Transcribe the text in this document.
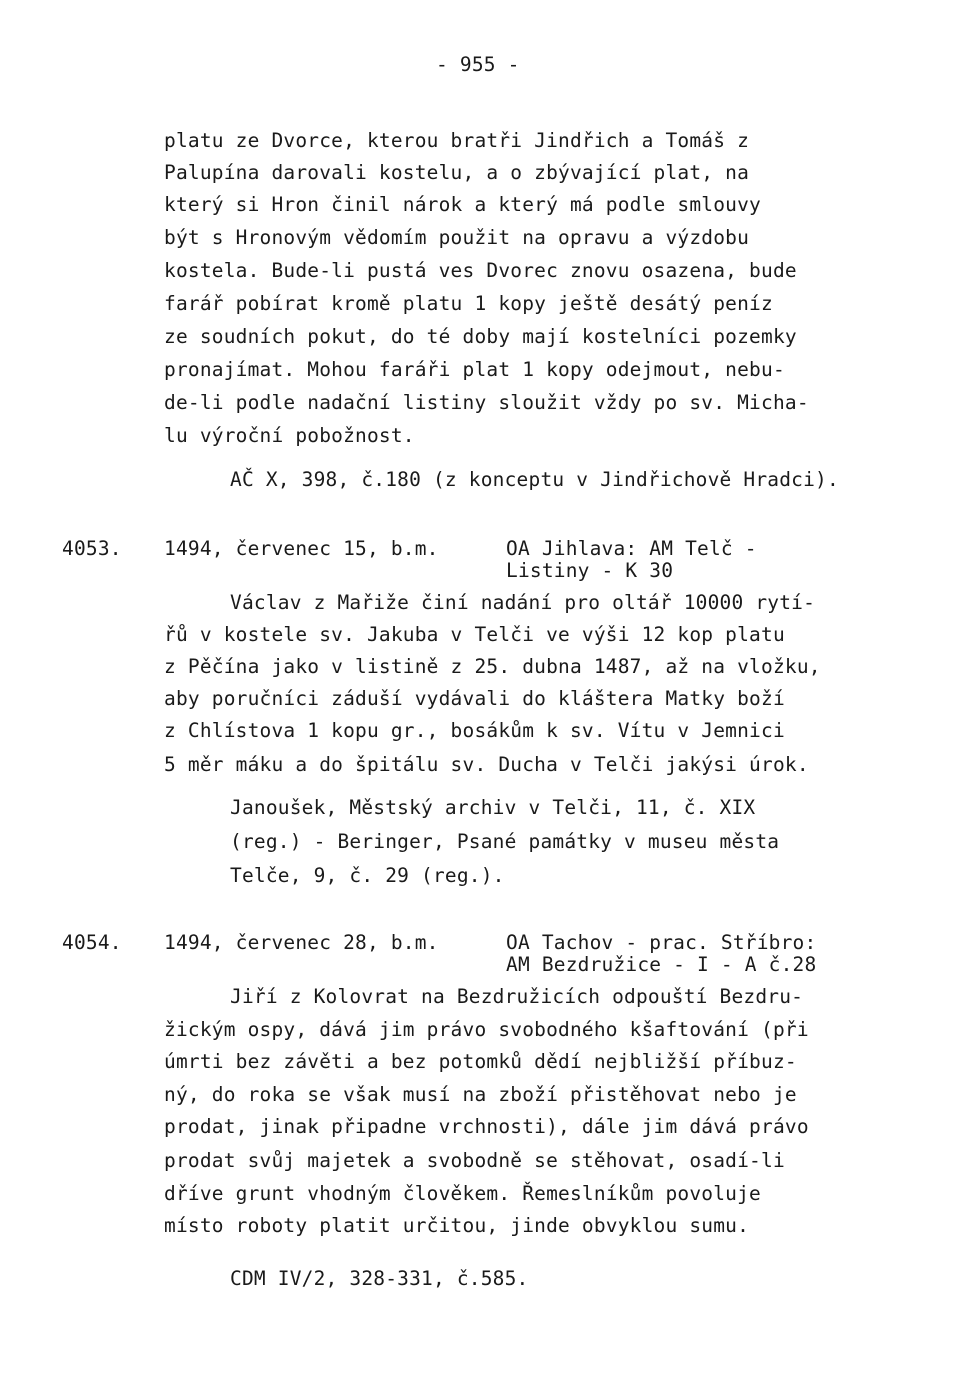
- 955 -
platu ze Dvorce, kterou bratři Jindřich a Tomáš z
Palupína darovali kostelu, a o zbývající plat, na
který si Hron činil nárok a který má podle smlouvy
být s Hronovým vědomím použit na opravu a výzdobu
kostela. Bude-li pustá ves Dvorec znovu osazena, bude
farář pobírat kromě platu 1 kopy ještě desátý peníz
ze soudních pokut, do té doby mají kostelníci pozemky
pronajímat. Mohou faráři plat 1 kopy odejmout, nebu-
de-li podle nadační listiny sloužit vždy po sv. Micha-
lu výroční pobožnost.
AČ X, 398, č.180 (z konceptu v Jindřichově Hradci).
4053. 1494, červenec 15, b.m.	OA Jihlava: AM Telč -
Listiny - K 30
Václav z Mařiže činí nadání pro oltář 10000 rytí-
řů v kostele sv. Jakuba v Telči ve výši 12 kop platu
z Pěčína jako v listině z 25. dubna 1487, až na vložku,
aby poručníci záduší vydávali do kláštera Matky boží
z Chlístova 1 kopu gr., bosákům k sv. Vítu v Jemnici
5 měr máku a do špitálu sv. Ducha v Telči jakýsi úrok.
Janoušek, Městský archiv v Telči, 11, č. XIX
(reg.) - Beringer, Psané památky v museu města
Telče, 9, č. 29 (reg.).
4054. 1494, červenec 28, b.m.	OA Tachov - prac. Stříbro:
AM Bezdružice - I - A č.28
Jiří z Kolovrat na Bezdružicích odpouští Bezdru-
žickým ospy, dává jim právo svobodného kšaftování (při
úmrti bez závěti a bez potomků dědí nejbližší příbuz-
ný, do roka se však musí na zboží přistěhovat nebo je
prodat, jinak připadne vrchnosti), dále jim dává právo
prodat svůj majetek a svobodně se stěhovat, osadí-li
dříve grunt vhodným člověkem. Řemeslníkům povoluje
místo roboty platit určitou, jinde obvyklou sumu.
CDM IV/2, 328-331, č.585.
